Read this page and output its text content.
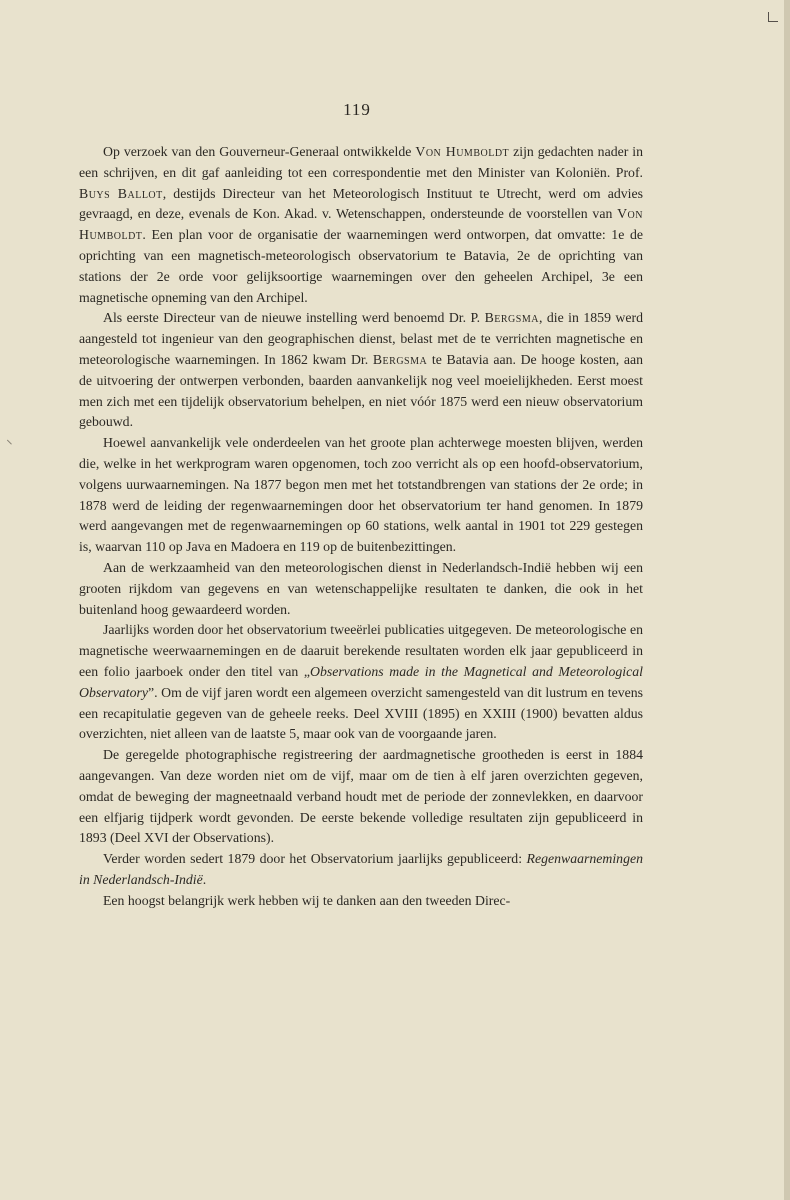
119

Op verzoek van den Gouverneur-Generaal ontwikkelde Von Humboldt zijn gedachten nader in een schrijven, en dit gaf aanleiding tot een correspondentie met den Minister van Koloniën. Prof. Buys Ballot, destijds Directeur van het Meteorologisch Instituut te Utrecht, werd om advies gevraagd, en deze, evenals de Kon. Akad. v. Wetenschappen, ondersteunde de voorstellen van Von Humboldt. Een plan voor de organisatie der waarnemingen werd ontworpen, dat omvatte: 1e de oprichting van een magnetisch-meteorologisch observatorium te Batavia, 2e de oprichting van stations der 2e orde voor gelijksoortige waarnemingen over den geheelen Archipel, 3e een magnetische opneming van den Archipel.

Als eerste Directeur van de nieuwe instelling werd benoemd Dr. P. Bergsma, die in 1859 werd aangesteld tot ingenieur van den geographischen dienst, belast met de te verrichten magnetische en meteorologische waarnemingen. In 1862 kwam Dr. Bergsma te Batavia aan. De hooge kosten, aan de uitvoering der ontwerpen verbonden, baarden aanvankelijk nog veel moeielijkheden. Eerst moest men zich met een tijdelijk observatorium behelpen, en niet vóór 1875 werd een nieuw observatorium gebouwd.

Hoewel aanvankelijk vele onderdeelen van het groote plan achterwege moesten blijven, werden die, welke in het werkprogram waren opgenomen, toch zoo verricht als op een hoofd-observatorium, volgens uurwaarnemingen. Na 1877 begon men met het totstandbrengen van stations der 2e orde; in 1878 werd de leiding der regenwaarnemingen door het observatorium ter hand genomen. In 1879 werd aangevangen met de regenwaarnemingen op 60 stations, welk aantal in 1901 tot 229 gestegen is, waarvan 110 op Java en Madoera en 119 op de buitenbezittingen.

Aan de werkzaamheid van den meteorologischen dienst in Nederlandsch-Indië hebben wij een grooten rijkdom van gegevens en van wetenschappelijke resultaten te danken, die ook in het buitenland hoog gewaardeerd worden.

Jaarlijks worden door het observatorium tweeërlei publicaties uitgegeven. De meteorologische en magnetische weerwaarnemingen en de daaruit berekende resultaten worden elk jaar gepubliceerd in een folio jaarboek onder den titel van „Observations made in the Magnetical and Meteorological Observatory”. Om de vijf jaren wordt een algemeen overzicht samengesteld van dit lustrum en tevens een recapitulatie gegeven van de geheele reeks. Deel XVIII (1895) en XXIII (1900) bevatten aldus overzichten, niet alleen van de laatste 5, maar ook van de voorgaande jaren.

De geregelde photographische registreering der aardmagnetische grootheden is eerst in 1884 aangevangen. Van deze worden niet om de vijf, maar om de tien à elf jaren overzichten gegeven, omdat de beweging der magneetnaald verband houdt met de periode der zonnevlekken, en daarvoor een elfjarig tijdperk wordt gevonden. De eerste bekende volledige resultaten zijn gepubliceerd in 1893 (Deel XVI der Observations).

Verder worden sedert 1879 door het Observatorium jaarlijks gepubliceerd: Regenwaarnemingen in Nederlandsch-Indië.

Een hoogst belangrijk werk hebben wij te danken aan den tweeden Direc-
